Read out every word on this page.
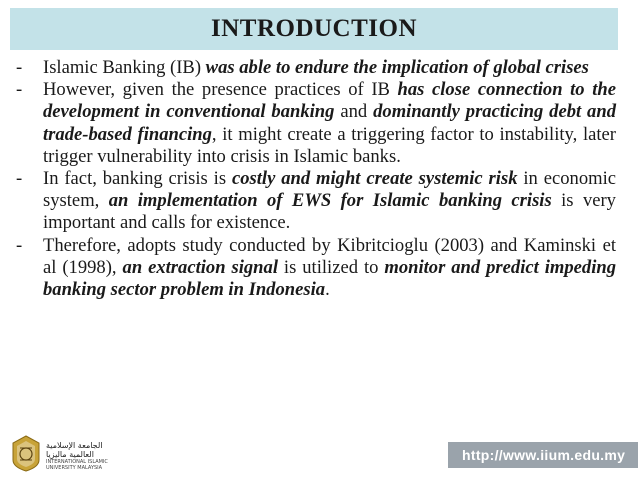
INTRODUCTION
- Islamic Banking (IB) was able to endure the implication of global crises
- However, given the presence practices of IB has close connection to the development in conventional banking and dominantly practicing debt and trade-based financing, it might create a triggering factor to instability, later trigger vulnerability into crisis in Islamic banks.
- In fact, banking crisis is costly and might create systemic risk in economic system, an implementation of EWS for Islamic banking crisis is very important and calls for existence.
- Therefore, adopts study conducted by Kibritcioglu (2003) and Kaminski et al (1998), an extraction signal is utilized to monitor and predict impeding banking sector problem in Indonesia.
الجامعة الإسلامية العالمية ماليزيا
INTERNATIONAL ISLAMIC UNIVERSITY MALAYSIA
http://www.iium.edu.my
